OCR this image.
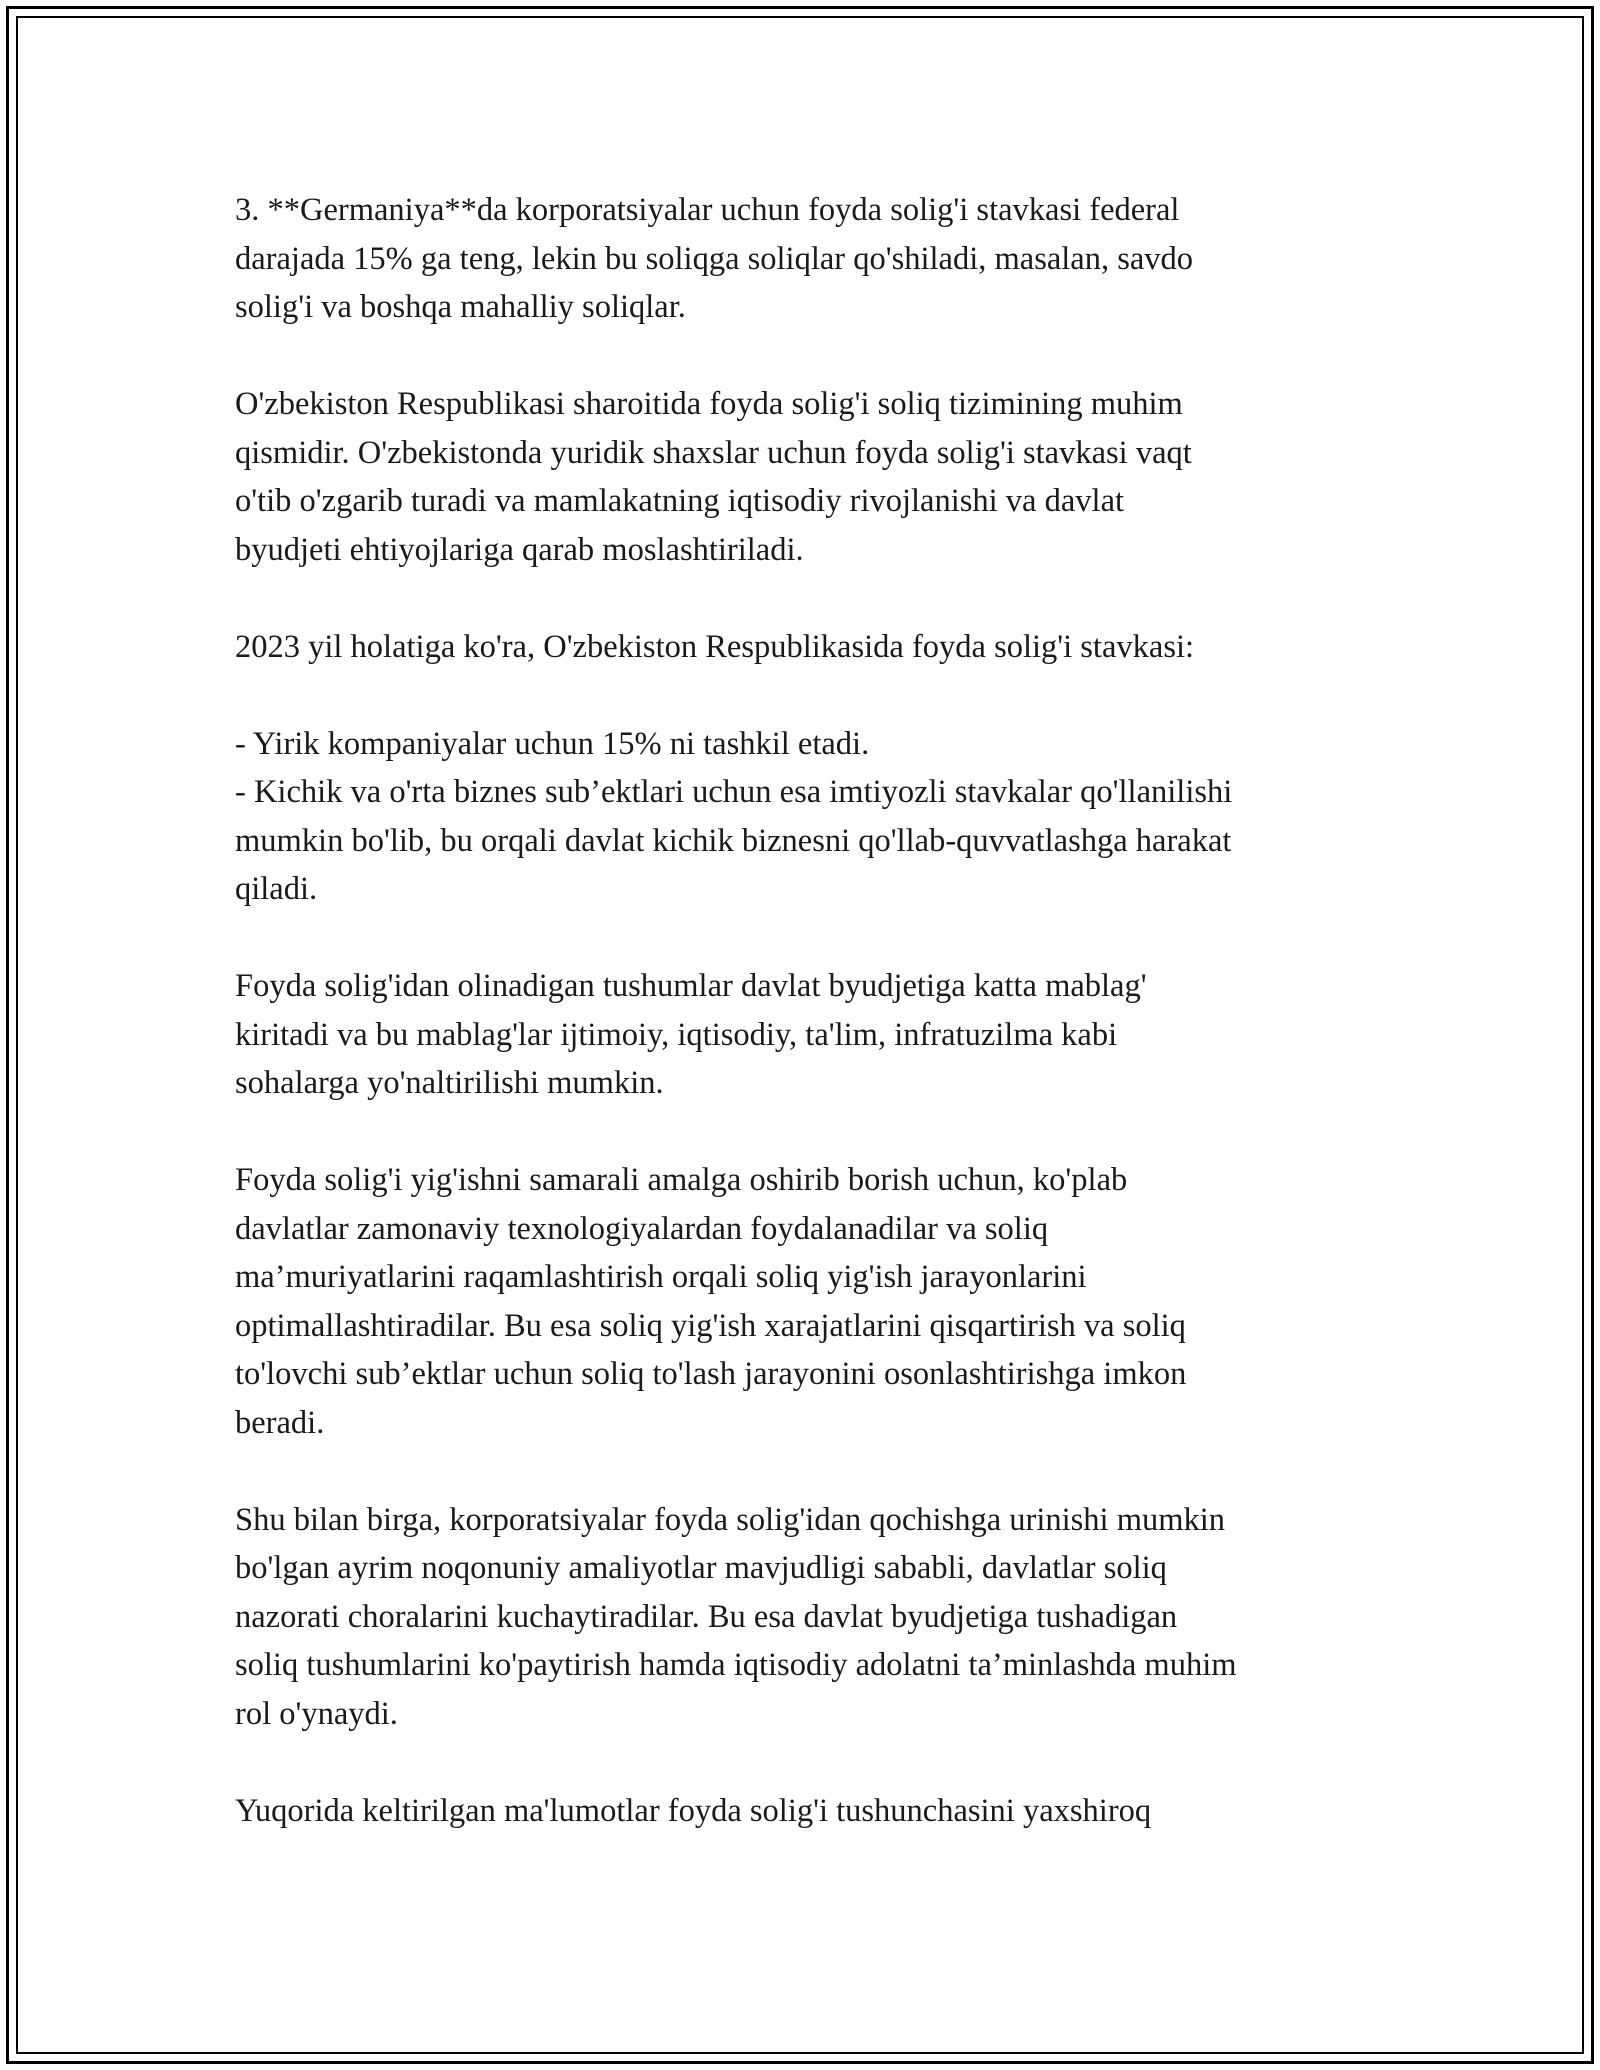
3. **Germaniya**da korporatsiyalar uchun foyda solig'i stavkasi federal
darajada 15% ga teng, lekin bu soliqga soliqlar qo'shiladi, masalan, savdo
solig'i va boshqa mahalliy soliqlar.

O'zbekiston Respublikasi sharoitida foyda solig'i soliq tizimining muhim
qismidir. O'zbekistonda yuridik shaxslar uchun foyda solig'i stavkasi vaqt
o'tib o'zgarib turadi va mamlakatning iqtisodiy rivojlanishi va davlat
byudjeti ehtiyojlariga qarab moslashtiriladi.

2023 yil holatiga ko'ra, O'zbekiston Respublikasida foyda solig'i stavkasi:

- Yirik kompaniyalar uchun 15% ni tashkil etadi.
- Kichik va o'rta biznes sub’ektlari uchun esa imtiyozli stavkalar qo'llanilishi
mumkin bo'lib, bu orqali davlat kichik biznesni qo'llab-quvvatlashga harakat
qiladi.

Foyda solig'idan olinadigan tushumlar davlat byudjetiga katta mablag'
kiritadi va bu mablag'lar ijtimoiy, iqtisodiy, ta'lim, infratuzilma kabi
sohalarga yo'naltirilishi mumkin.

Foyda solig'i yig'ishni samarali amalga oshirib borish uchun, ko'plab
davlatlar zamonaviy texnologiyalardan foydalanadilar va soliq
ma’muriyatlarini raqamlashtirish orqali soliq yig'ish jarayonlarini
optimallashtiradilar. Bu esa soliq yig'ish xarajatlarini qisqartirish va soliq
to'lovchi sub’ektlar uchun soliq to'lash jarayonini osonlashtirishga imkon
beradi.

Shu bilan birga, korporatsiyalar foyda solig'idan qochishga urinishi mumkin
bo'lgan ayrim noqonuniy amaliyotlar mavjudligi sababli, davlatlar soliq
nazorati choralarini kuchaytiradilar. Bu esa davlat byudjetiga tushadigan
soliq tushumlarini ko'paytirish hamda iqtisodiy adolatni ta’minlashda muhim
rol o'ynaydi.

Yuqorida keltirilgan ma'lumotlar foyda solig'i tushunchasini yaxshiroq
